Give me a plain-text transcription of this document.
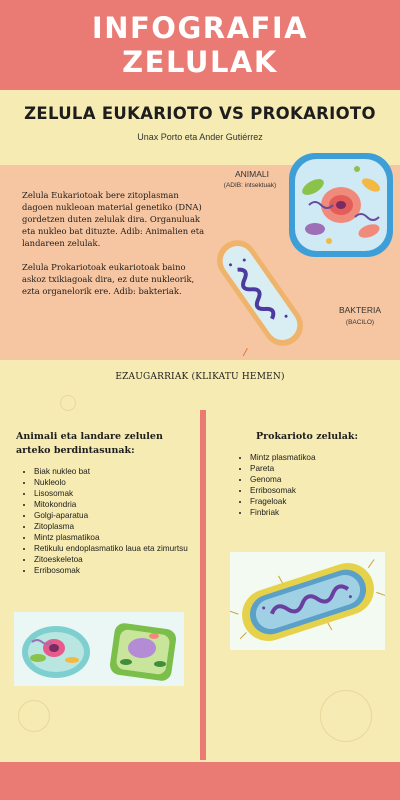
INFOGRAFIA
ZELULAK
ZELULA EUKARIOTO VS PROKARIOTO
Unax Porto eta Ander Gutiérrez

Zelula Eukariotoak bere zitoplasman dagoen nukleoan material genetiko (DNA) gordetzen duten zelulak dira. Organuluak eta nukleo bat dituzte. Adib: Animalien eta landareen zelulak.

Zelula Prokariotoak eukariotoak baino askoz txikiagoak dira, ez dute nukleorik, ezta organelorik ere. Adib: bakteriak.

ANIMALI
(ADIB: intsektuak)
BAKTERIA
(BACILO)
EZAUGARRIAK (KLIKATU HEMEN)
Animali eta landare zelulen arteko berdintasunak:
• Biak nukleo bat
• Nukleolo
• Lisosomak
• Mitokondria
• Golgi-aparatua
• Zitoplasma
• Mintz plasmatikoa
• Retikulu endoplasmatiko laua eta zimurtsu
• Zitoeskeletoa
• Erribosomak
Prokarioto zelulak:
• Mintz plasmatikoa
• Pareta
• Genoma
• Erribosomak
• Frageloak
• Finbriak
